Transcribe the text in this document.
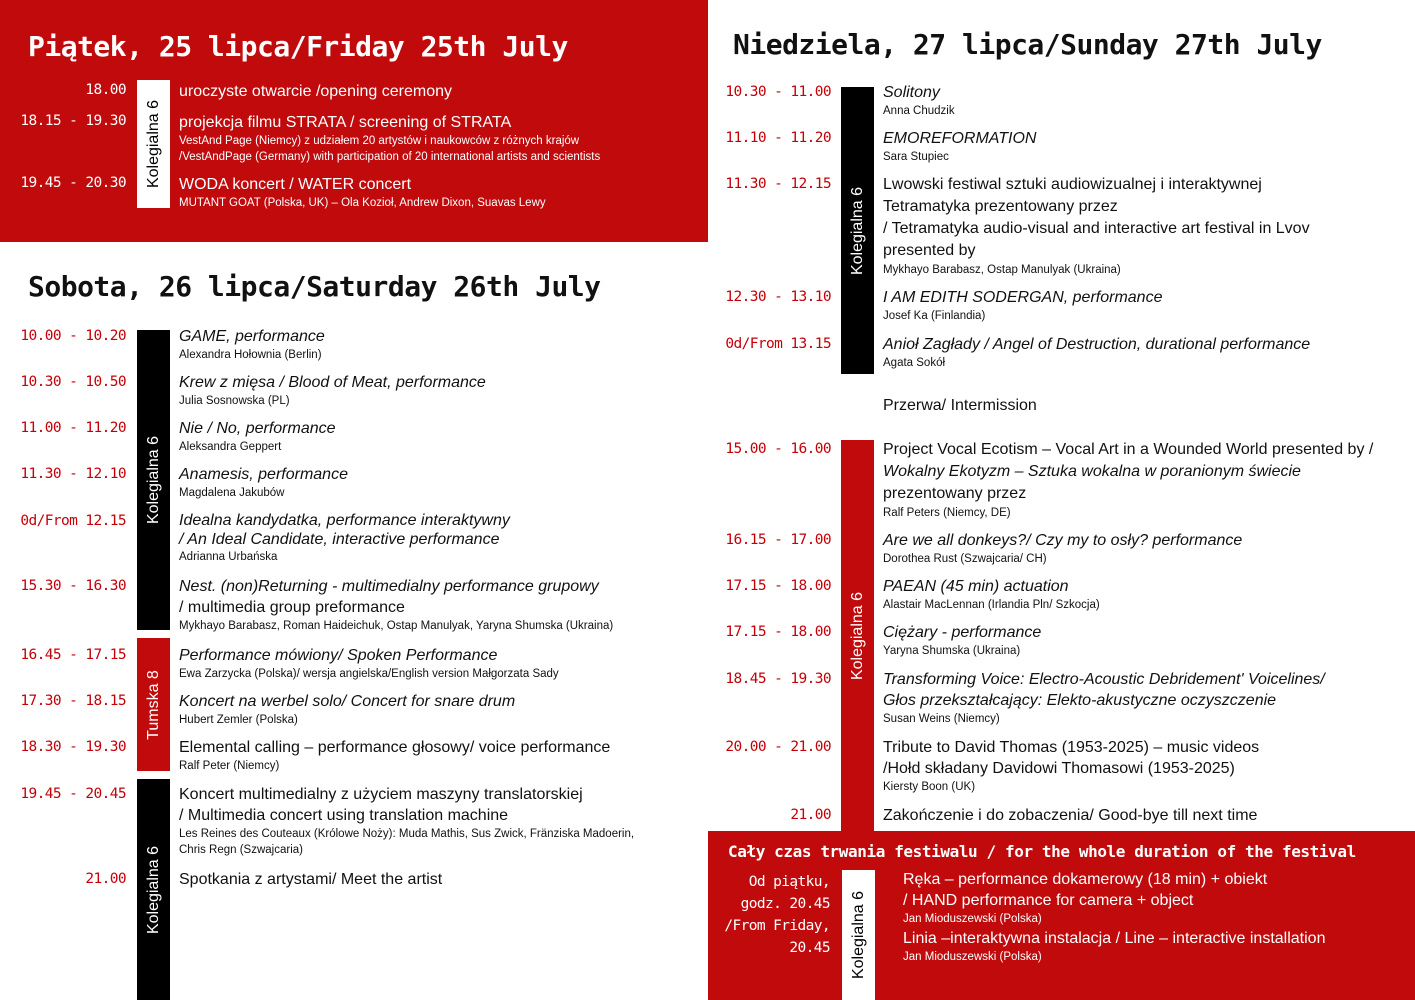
Piątek, 25 lipca/Friday 25th July
18.00
18.15 - 19.30
19.45 - 20.30 Kolegialna 6
uroczyste otwarcie /opening ceremony
projekcja filmu STRATA / screening of STRATA
VestAnd Page (Niemcy) z udziałem 20 artystów i naukowców z różnych krajów
/VestAndPage (Germany) with participation of 20 international artists and scientists
WODA koncert / WATER concert
MUTANT GOAT (Polska, UK) – Ola Kozioł, Andrew Dixon, Suavas Lewy
Sobota, 26 lipca/Saturday 26th July
Kolegialna 6
Tumska 8
Kolegialna 6
10.00 - 10.20
10.30 - 10.50
11.00 - 11.20
11.30 - 12.10
0d/From 12.15
15.30 - 16.30
16.45 - 17.15
17.30 - 18.15
18.30 - 19.30
19.45 - 20.45
21.00
GAME, performance
Alexandra Hołownia (Berlin)
Krew z mięsa / Blood of Meat, performance
Julia Sosnowska (PL)
Nie / No, performance
Aleksandra Geppert
Anamesis, performance
Magdalena Jakubów
Idealna kandydatka, performance interaktywny
/ An Ideal Candidate, interactive performance
Adrianna Urbańska
Nest. (non)Returning - multimedialny performance grupowy
/ multimedia group preformance
Mykhayo Barabasz, Roman Haideichuk, Ostap Manulyak, Yaryna Shumska (Ukraina)
Performance mówiony/ Spoken Performance
Ewa Zarzycka (Polska)/ wersja angielska/English version Małgorzata Sady
Koncert na werbel solo/ Concert for snare drum
Hubert Zemler (Polska)
Elemental calling – performance głosowy/ voice performance
Ralf Peter (Niemcy)
Koncert multimedialny z użyciem maszyny translatorskiej
/ Multimedia concert using translation machine
Les Reines des Couteaux (Królowe Noży): Muda Mathis, Sus Zwick, Fränziska Madoerin,
Chris Regn (Szwajcaria)
Spotkania z artystami/ Meet the artist
Niedziela, 27 lipca/Sunday 27th July
Kolegialna 6
Kolegialna 6
10.30 - 11.00
11.10 - 11.20
11.30 - 12.15
12.30 - 13.10
0d/From 13.15
15.00 - 16.00
16.15 - 17.00
17.15 - 18.00
17.15 - 18.00
18.45 - 19.30
20.00 - 21.00
21.00
Solitony
Anna Chudzik
EMOREFORMATION
Sara Stupiec
Lwowski festiwal sztuki audiowizualnej i interaktywnej
Tetramatyka prezentowany przez
/ Tetramatyka audio-visual and interactive art festival in Lvov
presented by
Mykhayo Barabasz, Ostap Manulyak (Ukraina)
I AM EDITH SODERGAN, performance
Josef Ka (Finlandia)
Anioł Zagłady / Angel of Destruction, durational performance
Agata Sokół
Przerwa/ Intermission
Project Vocal Ecotism – Vocal Art in a Wounded World presented by /
Wokalny Ekotyzm – Sztuka wokalna w poranionym świecie
prezentowany przez
Ralf Peters (Niemcy, DE)
Are we all donkeys?/ Czy my to osły? performance
Dorothea Rust (Szwajcaria/ CH)
PAEAN (45 min) actuation
Alastair MacLennan (Irlandia Pln/ Szkocja)
Ciężary - performance
Yaryna Shumska (Ukraina)
Transforming Voice: Electro-Acoustic Debridement' Voicelines/
Głos przekształcający: Elekto-akustyczne oczyszczenie
Susan Weins (Niemcy)
Tribute to David Thomas (1953-2025) – music videos
/Hołd składany Davidowi Thomasowi (1953-2025)
Kiersty Boon (UK)
Zakończenie i do zobaczenia/ Good-bye till next time
Cały czas trwania festiwalu / for the whole duration of the festival
Od piątku,
godz. 20.45
/From Friday,
20.45 Kolegialna 6
Ręka – performance dokamerowy (18 min) + obiekt
/ HAND performance for camera + object
Jan Mioduszewski (Polska)
Linia –interaktywna instalacja / Line – interactive installation
Jan Mioduszewski (Polska)
